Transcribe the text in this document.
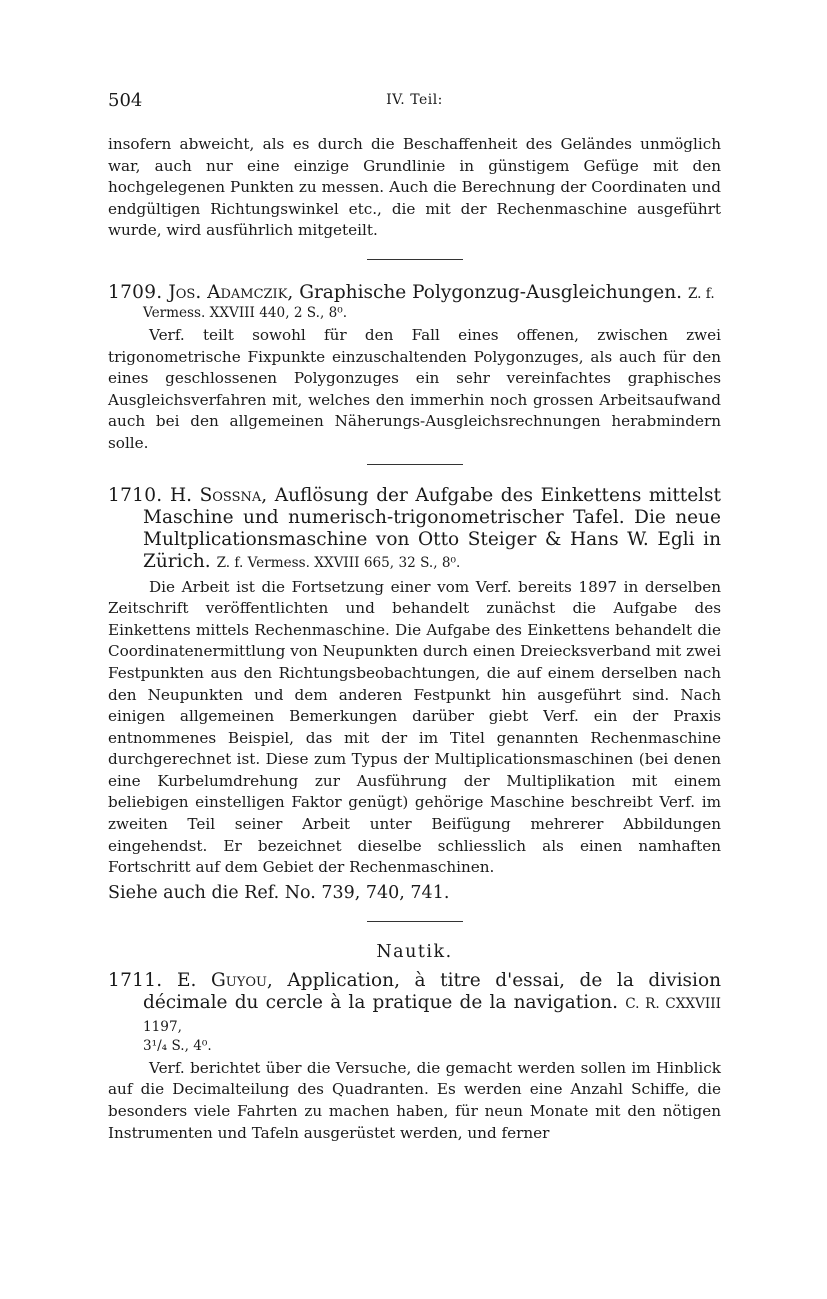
504	IV. Teil:

insofern abweicht, als es durch die Beschaffenheit des Geländes unmöglich war, auch nur eine einzige Grundlinie in günstigem Gefüge mit den hochgelegenen Punkten zu messen. Auch die Berechnung der Coordinaten und endgültigen Richtungswinkel etc., die mit der Rechenmaschine ausgeführt wurde, wird ausführlich mitgeteilt.

1709. Jos. Adamczik, Graphische Polygonzug-Ausgleichungen. Z. f.

Vermess. XXVIII 440, 2 S., 8⁰.

Verf. teilt sowohl für den Fall eines offenen, zwischen zwei trigonometrische Fixpunkte einzuschaltenden Polygonzuges, als auch für den eines geschlossenen Polygonzuges ein sehr vereinfachtes graphisches Ausgleichsverfahren mit, welches den immerhin noch grossen Arbeitsaufwand auch bei den allgemeinen Näherungs-Ausgleichsrechnungen herabmindern solle.

1710. H. Sossna, Auflösung der Aufgabe des Einkettens mittelst Maschine und numerisch-trigonometrischer Tafel. Die neue Multplicationsmaschine von Otto Steiger & Hans W. Egli in Zürich. Z. f. Vermess. XXVIII 665, 32 S., 8⁰.

Die Arbeit ist die Fortsetzung einer vom Verf. bereits 1897 in derselben Zeitschrift veröffentlichten und behandelt zunächst die Aufgabe des Einkettens mittels Rechenmaschine. Die Aufgabe des Einkettens behandelt die Coordinatenermittlung von Neupunkten durch einen Dreiecksverband mit zwei Festpunkten aus den Richtungsbeobachtungen, die auf einem derselben nach den Neupunkten und dem anderen Festpunkt hin ausgeführt sind. Nach einigen allgemeinen Bemerkungen darüber giebt Verf. ein der Praxis entnommenes Beispiel, das mit der im Titel genannten Rechenmaschine durchgerechnet ist. Diese zum Typus der Multiplicationsmaschinen (bei denen eine Kurbelumdrehung zur Ausführung der Multiplikation mit einem beliebigen einstelligen Faktor genügt) gehörige Maschine beschreibt Verf. im zweiten Teil seiner Arbeit unter Beifügung mehrerer Abbildungen eingehendst. Er bezeichnet dieselbe schliesslich als einen namhaften Fortschritt auf dem Gebiet der Rechenmaschinen.

Siehe auch die Ref. No. 739, 740, 741.

Nautik.

1711. E. Guyou, Application, à titre d'essai, de la division décimale du cercle à la pratique de la navigation. C. R. CXXVIII 1197,

3¹/₄ S., 4⁰.

Verf. berichtet über die Versuche, die gemacht werden sollen im Hinblick auf die Decimalteilung des Quadranten. Es werden eine Anzahl Schiffe, die besonders viele Fahrten zu machen haben, für neun Monate mit den nötigen Instrumenten und Tafeln ausgerüstet werden, und ferner
